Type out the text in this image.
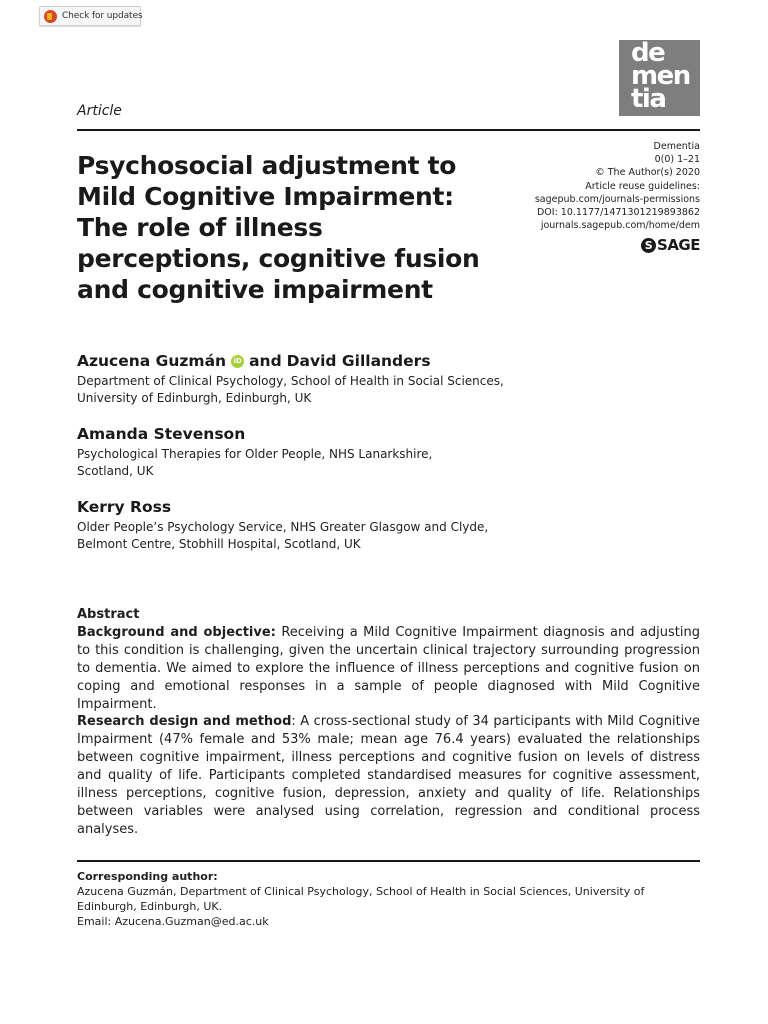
Check for updates
de
men
tia
Article
Psychosocial adjustment to Mild Cognitive Impairment: The role of illness perceptions, cognitive fusion and cognitive impairment
Dementia
0(0) 1–21
© The Author(s) 2020
Article reuse guidelines:
sagepub.com/journals-permissions
DOI: 10.1177/1471301219893862
journals.sagepub.com/home/dem
S SAGE
Azucena Guzmán	iD and David Gillanders
Department of Clinical Psychology, School of Health in Social Sciences,
University of Edinburgh, Edinburgh, UK
Amanda Stevenson
Psychological Therapies for Older People, NHS Lanarkshire,
Scotland, UK
Kerry Ross
Older People’s Psychology Service, NHS Greater Glasgow and Clyde,
Belmont Centre, Stobhill Hospital, Scotland, UK

Abstract

Background and objective: Receiving a Mild Cognitive Impairment diagnosis and adjusting to this condition is challenging, given the uncertain clinical trajectory surrounding progression to dementia. We aimed to explore the influence of illness perceptions and cognitive fusion on coping and emotional responses in a sample of people diagnosed with Mild Cognitive Impairment.

Research design and method: A cross-sectional study of 34 participants with Mild Cognitive Impairment (47% female and 53% male; mean age 76.4 years) evaluated the relationships between cognitive impairment, illness perceptions and cognitive fusion on levels of distress and quality of life. Participants completed standardised measures for cognitive assessment, illness perceptions, cognitive fusion, depression, anxiety and quality of life. Relationships between variables were analysed using correlation, regression and conditional process analyses.

Corresponding author:
Azucena Guzmán, Department of Clinical Psychology, School of Health in Social Sciences, University of Edinburgh, Edinburgh, UK.
Email: Azucena.Guzman@ed.ac.uk
